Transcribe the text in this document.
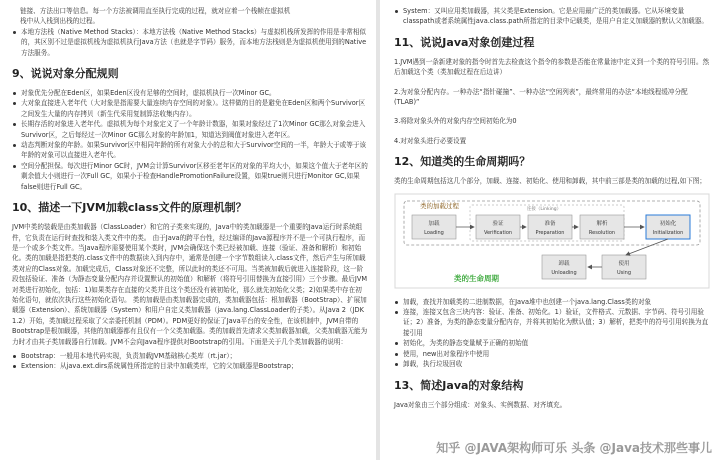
链接、方法出口等信息。每一个方法被调用直至执行完成的过程，就对应着一个栈帧在虚拟机

栈中从入栈到出栈的过程。

本地方法栈（Native Method Stacks）：本地方法栈（Native Method Stacks）与虚拟机栈所发挥的作用是非常相似的，其区别不过是虚拟机栈为虚拟机执行Java方法（也就是字节码）服务，而本地方法栈则是为虚拟机使用到的Native方法服务。
9、说说对象分配规则
对象优先分配在Eden区，如果Eden区没有足够的空间时，虚拟机执行一次Minor GC。
大对象直接进入老年代（大对象是指需要大量连续内存空间的对象）。这样做的目的是避免在Eden区和两个Survivor区之间发生大量的内存拷贝（新生代采用复制算法收集内存）。
长期存活的对象进入老年代。虚拟机为每个对象定义了一个年龄计数器，如果对象经过了1次Minor GC那么对象会进入Survivor区，之后每经过一次Minor GC那么对象的年龄加1，知道达到阀值对象进入老年区。
动态判断对象的年龄。如果Survivor区中相同年龄的所有对象大小的总和大于Survivor空间的一半，年龄大于或等于该年龄的对象可以直接进入老年代。
空间分配担保。每次进行Minor GC时，JVM会计算Survivor区移至老年区的对象的平均大小，如果这个值大于老年区的剩余值大小则进行一次Full GC，如果小于检查HandlePromotionFailure设置，如果true则只进行Monitor GC,如果false则进行Full GC。
10、描述一下JVM加载class文件的原理机制？

JVM中类的装载是由类加载器（ClassLoader）和它的子类来实现的，Java中的类加载器是一个重要的Java运行时系统组件，它负责在运行时查找和装入类文件中的类。 由于Java的跨平台性，经过编译的Java源程序并不是一个可执行程序，而是一个或多个类文件。当Java程序需要使用某个类时，JVM会确保这个类已经被加载、连接（验证、准备和解析）和初始化。类的加载是指把类的.class文件中的数据读入到内存中，通常是创建一个字节数组读入.class文件，然后产生与所加载类对应的Class对象。加载完成后，Class对象还不完整，所以此时的类还不可用。当类被加载后就进入连接阶段，这一阶段包括验证、准备（为静态变量分配内存并设置默认的初始值）和解析（将符号引用替换为直接引用）三个步骤。最后JVM对类进行初始化，包括：1)如果类存在直接的父类并且这个类还没有被初始化，那么就先初始化父类；2)如果类中存在初始化语句，就依次执行这些初始化语句。 类的加载是由类加载器完成的，类加载器包括：根加载器（BootStrap）、扩展加载器（Extension）、系统加载器（System）和用户自定义类加载器（java.lang.ClassLoader的子类）。从Java 2（JDK 1.2）开始，类加载过程采取了父亲委托机制（PDM）。PDM更好的保证了Java平台的安全性，在该机制中，JVM自带的Bootstrap是根加载器，其他的加载器都有且仅有一个父类加载器。类的加载首先请求父类加载器加载，父类加载器无能为力时才由其子类加载器自行加载。JVM不会向Java程序提供对Bootstrap的引用。下面是关于几个类加载器的说明：

Bootstrap：一般用本地代码实现，负责加载JVM基础核心类库（rt.jar）；
Extension：从java.ext.dirs系统属性所指定的目录中加载类库，它的父加载器是Bootstrap；
System：又叫应用类加载器，其父类是Extension。它是应用最广泛的类加载器。它从环境变量classpath或者系统属性java.class.path所指定的目录中记载类，是用户自定义加载器的默认父加载器。
11、说说Java对象创建过程

1.JVM遇到一条新建对象的指令时首先去检查这个指令的参数是否能在常量池中定义到一个类的符号引用。然后加载这个类（类加载过程在后边讲）

2.为对象分配内存。一种办法“指针碰撞”、一种办法“空闲列表”，最终常用的办法“本地线程缓冲分配(TLAB)”

3.将除对象头外的对象内存空间初始化为0

4.对对象头进行必要设置

12、知道类的生命周期吗？

类的生命周期包括这几个部分，加载、连接、初始化、使用和卸载，其中前三部是类的加载的过程,如下图；

类的加载过程	连接（Linking）
加载
Loading
验证
Verification
准备
Preparation
解析
Resolution
初始化
Initialization
卸载
Unloading
使用
Using
类的生命周期
加载，查找并加载类的二进制数据，在Java堆中也创建一个java.lang.Class类的对象
连接，连接又包含三块内容：验证、准备、初始化。1）验证，文件格式、元数据、字节码、符号引用验证；2）准备，为类的静态变量分配内存，并将其初始化为默认值；3）解析，把类中的符号引用转换为直接引用
初始化，为类的静态变量赋予正确的初始值
使用，new出对象程序中使用
卸载，执行垃圾回收
13、简述Java的对象结构

Java对象由三个部分组成：对象头、实例数据、对齐填充。

知乎 @JAVA架构师可乐 头条 @Java技术那些事儿
